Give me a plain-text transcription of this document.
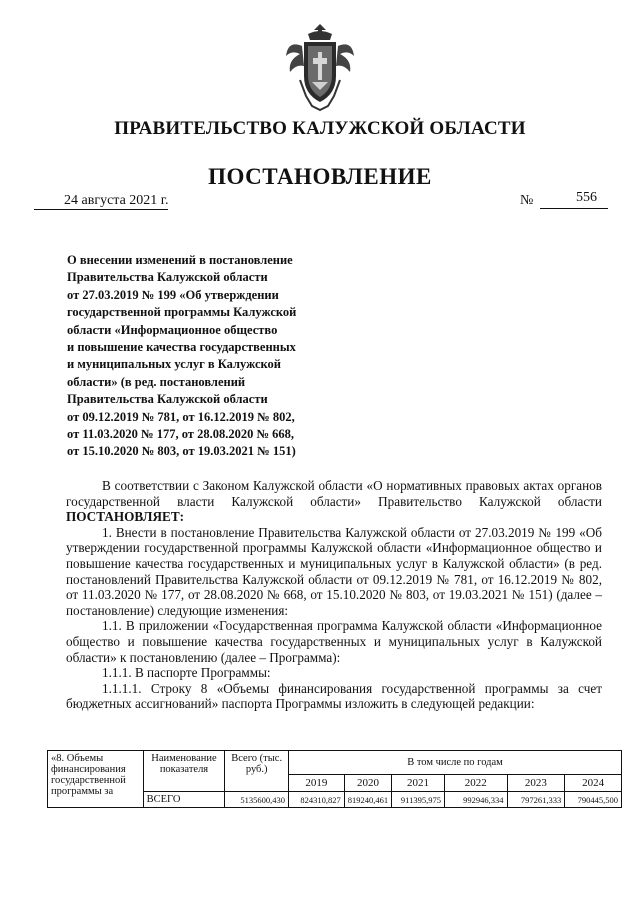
ПРАВИТЕЛЬСТВО КАЛУЖСКОЙ ОБЛАСТИ
ПОСТАНОВЛЕНИЕ
24 августа 2021 г.	№	556
О внесении изменений в постановление
Правительства Калужской области
от 27.03.2019 № 199 «Об утверждении
государственной программы Калужской
области «Информационное общество
и повышение качества государственных
и муниципальных услуг в Калужской
области» (в ред. постановлений
Правительства Калужской области
от 09.12.2019 № 781, от 16.12.2019 № 802,
от 11.03.2020 № 177, от 28.08.2020 № 668,
от 15.10.2020 № 803, от 19.03.2021 № 151)

В соответствии с Законом Калужской области «О нормативных правовых актах органов государственной власти Калужской области» Правительство Калужской области ПОСТАНОВЛЯЕТ:

1. Внести в постановление Правительства Калужской области от 27.03.2019 № 199 «Об утверждении государственной программы Калужской области «Информационное общество и повышение качества государственных и муниципальных услуг в Калужской области» (в ред. постановлений Правительства Калужской области от 09.12.2019 № 781, от 16.12.2019 № 802, от 11.03.2020 № 177, от 28.08.2020 № 668, от 15.10.2020 № 803, от 19.03.2021 № 151) (далее – постановление) следующие изменения:

1.1. В приложении «Государственная программа Калужской области «Информационное общество и повышение качества государственных и муниципальных услуг в Калужской области» к постановлению (далее – Программа):

1.1.1. В паспорте Программы:

1.1.1.1. Строку 8 «Объемы финансирования государственной программы за счет бюджетных ассигнований» паспорта Программы изложить в следующей редакции:

«8. Объемы финансирования государственной программы за	Наименование показателя	Всего (тыс. руб.)	В том числе по годам					
			2019	2020	2021	2022	2023	2024
	ВСЕГО	5135600,430	824310,827	819240,461	911395,975	992946,334	797261,333	790445,500
